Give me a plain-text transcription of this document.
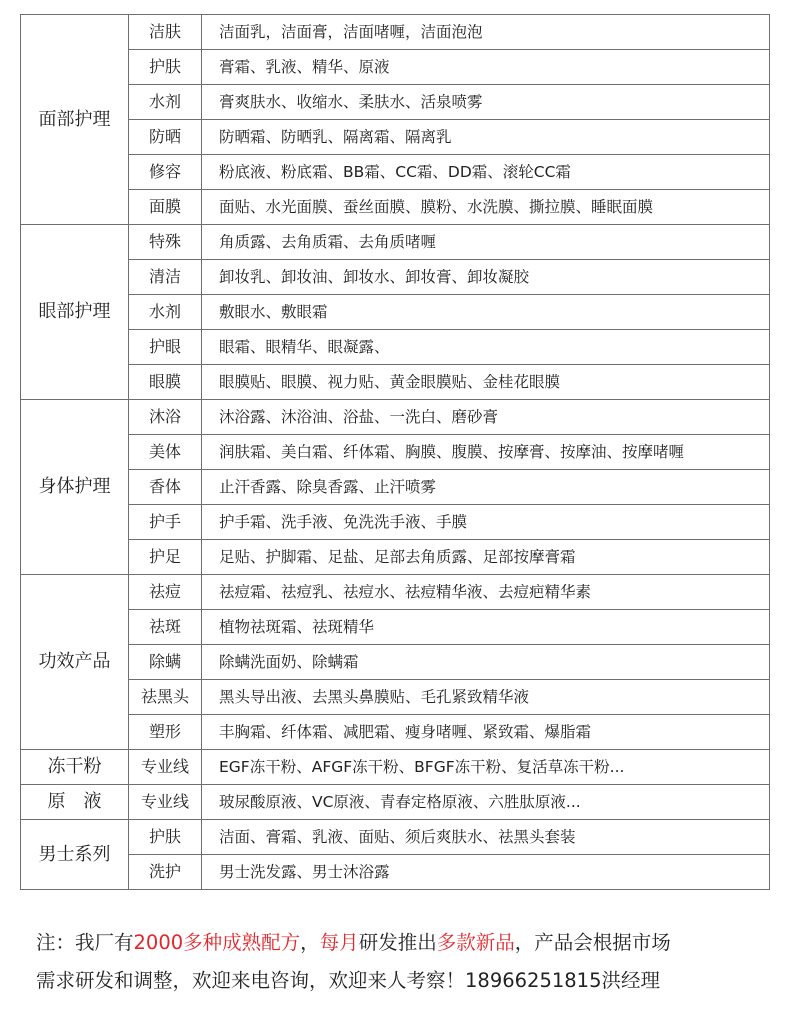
面部护理	洁肤	洁面乳，洁面膏，洁面啫喱，洁面泡泡
	护肤	膏霜、乳液、精华、原液
	水剂	膏爽肤水、收缩水、柔肤水、活泉喷雾
	防晒	防晒霜、防晒乳、隔离霜、隔离乳
	修容	粉底液、粉底霜、BB霜、CC霜、DD霜、滚轮CC霜
	面膜	面贴、水光面膜、蚕丝面膜、膜粉、水洗膜、撕拉膜、睡眠面膜
眼部护理	特殊	角质露、去角质霜、去角质啫喱
	清洁	卸妆乳、卸妆油、卸妆水、卸妆膏、卸妆凝胶
	水剂	敷眼水、敷眼霜
	护眼	眼霜、眼精华、眼凝露、
	眼膜	眼膜贴、眼膜、视力贴、黄金眼膜贴、金桂花眼膜
身体护理	沐浴	沐浴露、沐浴油、浴盐、一洗白、磨砂膏
	美体	润肤霜、美白霜、纤体霜、胸膜、腹膜、按摩膏、按摩油、按摩啫喱
	香体	止汗香露、除臭香露、止汗喷雾
	护手	护手霜、洗手液、免洗洗手液、手膜
	护足	足贴、护脚霜、足盐、足部去角质露、足部按摩膏霜
功效产品	祛痘	祛痘霜、祛痘乳、祛痘水、祛痘精华液、去痘疤精华素
	祛斑	植物祛斑霜、祛斑精华
	除螨	除螨洗面奶、除螨霜
	祛黑头	黑头导出液、去黑头鼻膜贴、毛孔紧致精华液
	塑形	丰胸霜、纤体霜、减肥霜、瘦身啫喱、紧致霜、爆脂霜
冻干粉	专业线	EGF冻干粉、AFGF冻干粉、BFGF冻干粉、复活草冻干粉...
原　液	专业线	玻尿酸原液、VC原液、青春定格原液、六胜肽原液...
男士系列	护肤	洁面、膏霜、乳液、面贴、须后爽肤水、祛黑头套装
	洗护	男士洗发露、男士沐浴露
注：我厂有2000多种成熟配方，每月研发推出多款新品，产品会根据市场
需求研发和调整，欢迎来电咨询，欢迎来人考察！18966251815洪经理
